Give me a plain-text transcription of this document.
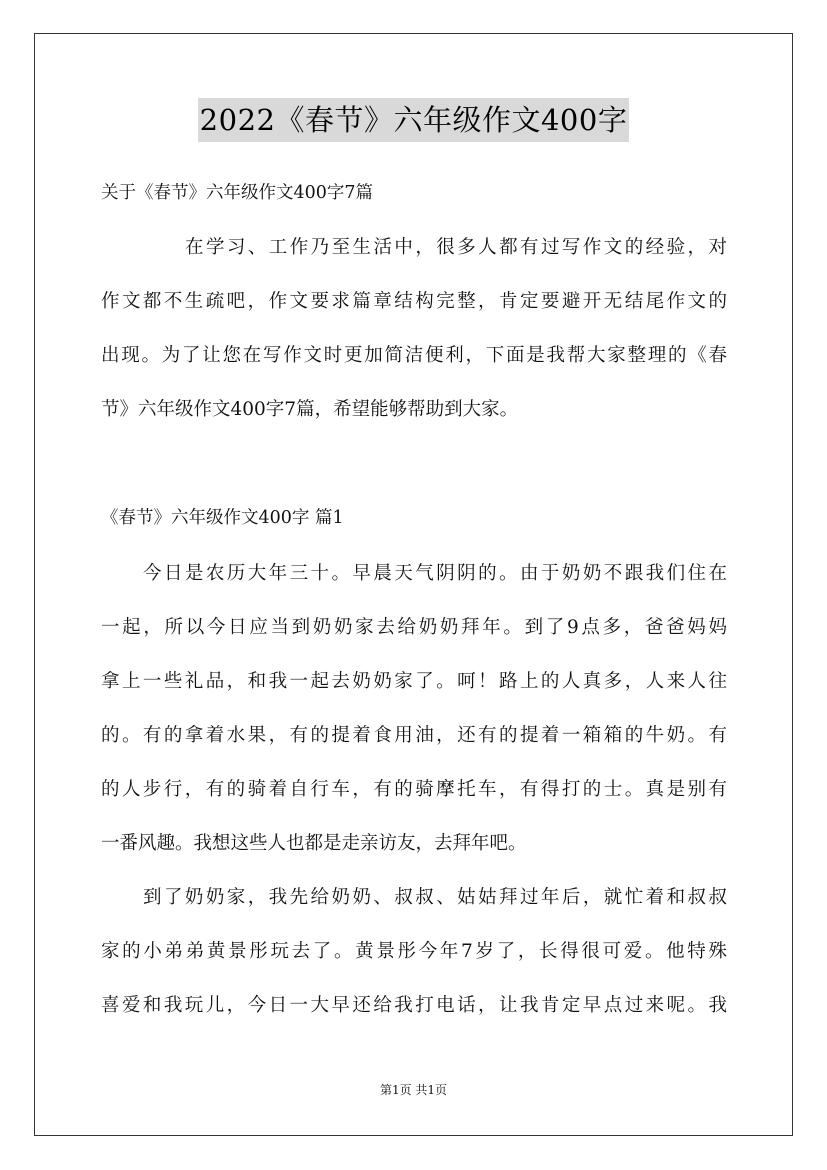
2022《春节》六年级作文400字
关于《春节》六年级作文400字7篇
在学习、工作乃至生活中，很多人都有过写作文的经验，对
作文都不生疏吧，作文要求篇章结构完整，肯定要避开无结尾作文的
出现。为了让您在写作文时更加简洁便利，下面是我帮大家整理的《春
节》六年级作文400字7篇，希望能够帮助到大家。
《春节》六年级作文400字 篇1
今日是农历大年三十。早晨天气阴阴的。由于奶奶不跟我们住在
一起，所以今日应当到奶奶家去给奶奶拜年。到了9点多，爸爸妈妈
拿上一些礼品，和我一起去奶奶家了。呵！路上的人真多，人来人往
的。有的拿着水果，有的提着食用油，还有的提着一箱箱的牛奶。有
的人步行，有的骑着自行车，有的骑摩托车，有得打的士。真是别有
一番风趣。我想这些人也都是走亲访友，去拜年吧。
到了奶奶家，我先给奶奶、叔叔、姑姑拜过年后，就忙着和叔叔
家的小弟弟黄景彤玩去了。黄景彤今年7岁了，长得很可爱。他特殊
喜爱和我玩儿，今日一大早还给我打电话，让我肯定早点过来呢。我
第1页 共1页
